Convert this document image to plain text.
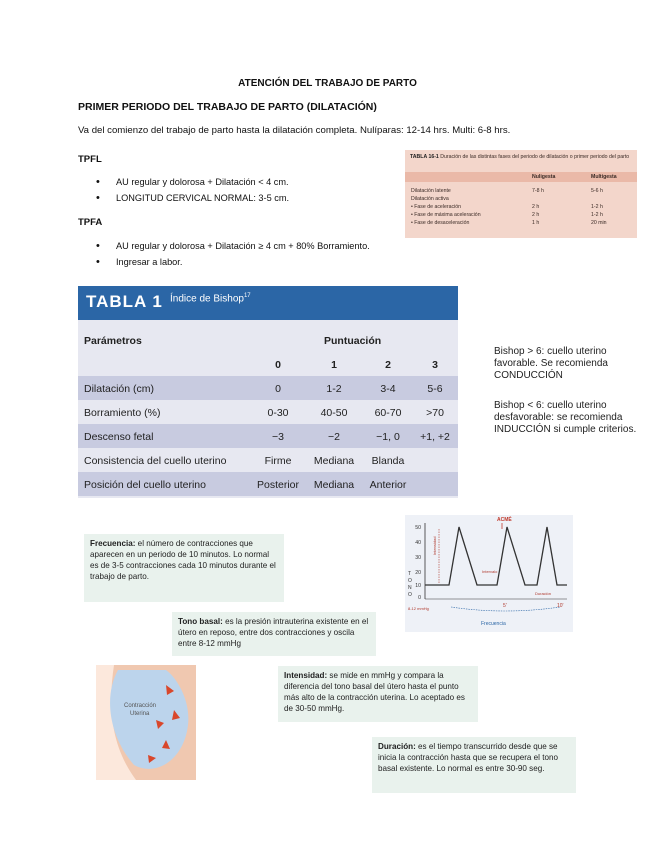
ATENCIÓN DEL TRABAJO DE PARTO
PRIMER PERIODO DEL TRABAJO DE PARTO (DILATACIÓN)
Va del comienzo del trabajo de parto hasta la dilatación completa. Nulíparas: 12-14 hrs. Multi: 6-8 hrs.
TPFL
• AU regular y dolorosa + Dilatación < 4 cm.
• LONGITUD CERVICAL NORMAL: 3-5 cm.
TPFA
• AU regular y dolorosa + Dilatación ≥ 4 cm + 80% Borramiento.
• Ingresar a labor.
TABLA 16-1 Duración de las distintas fases del periodo de dilatación o primer periodo del parto
Nuligesta	Multigesta
Dilatación latente	7-8 h	5-6 h
Dilatación activa
• Fase de aceleración	2 h	1-2 h
• Fase de máxima aceleración	2 h	1-2 h
• Fase de desaceleración	1 h	20 min
TABLA 1 Índice de Bishop$^{17}$
Parámetros	Puntuación
0	1	2	3
Dilatación (cm)	0	1-2	3-4	5-6
Borramiento (%)	0-30	40-50	60-70 >70
Descenso fetal	−3	−2	−1, 0 +1, +2
Consistencia del cuello uterino	Firme Mediana Blanda
Posición del cuello uterino	Posterior Mediana Anterior
Bishop > 6: cuello uterino favorable. Se recomienda CONDUCCIÓN
Bishop < 6: cuello uterino desfavorable: se recomienda INDUCCIÓN si cumple criterios.
Frecuencia: el número de contracciones que aparecen en un periodo de 10 minutos. Lo normal es de 3-5 contracciones cada 10 minutos durante el trabajo de parto.
Tono basal: es la presión intrauterina existente en el útero en reposo, entre dos contracciones y oscila entre 8-12 mmHg
Intensidad: se mide en mmHg y compara la diferencia del tono basal del útero hasta el punto más alto de la contracción uterina. Lo aceptado es de 30-50 mmHg.
Duración: es el tiempo transcurrido desde que se inicia la contracción hasta que se recupera el tono basal existente. Lo normal es entre 30-90 seg.
ACMÉ
50
40
30
20
10
0
T
O
N
O
8-12 mmHg
Intensidad
Intervalo
Duración
5'	10'
Frecuencia
Contracción
Uterina
